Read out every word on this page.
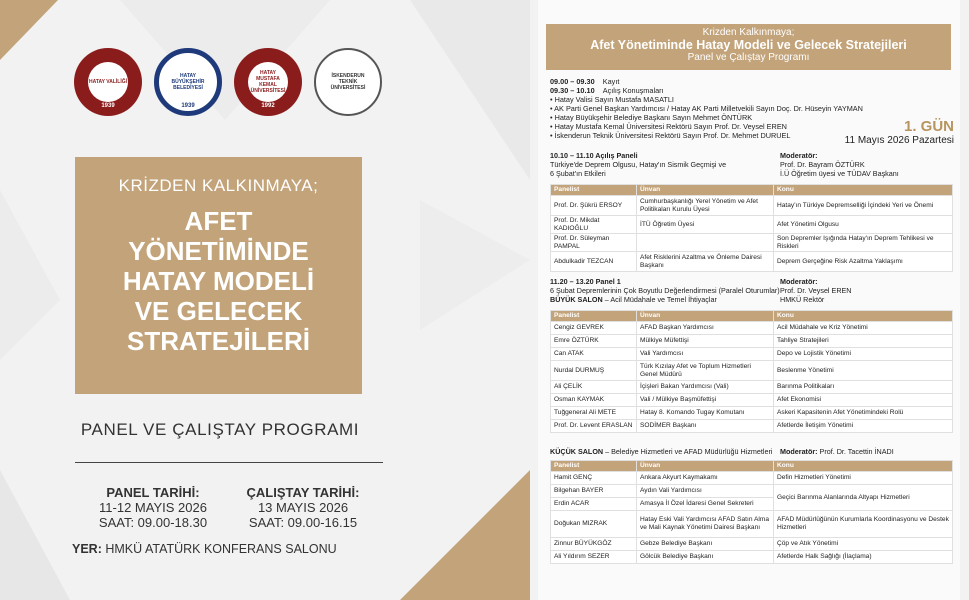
HATAY VALİLİĞİ
1939
HATAY BÜYÜKŞEHİR BELEDİYESİ
1939
HATAY MUSTAFA KEMAL ÜNİVERSİTESİ
1992
İSKENDERUN TEKNİK ÜNİVERSİTESİ
KRİZDEN KALKINMAYA;
AFET
YÖNETİMİNDE
HATAY MODELİ
VE GELECEK
STRATEJİLERİ
PANEL VE ÇALIŞTAY PROGRAMI
PANEL TARİHİ:
11-12 MAYIS 2026
SAAT: 09.00-18.30
ÇALIŞTAY TARİHİ:
13 MAYIS 2026
SAAT: 09.00-16.15
YER: HMKÜ ATATÜRK KONFERANS SALONU
Krizden Kalkınmaya;
Afet Yönetiminde Hatay Modeli ve Gelecek Stratejileri
Panel ve Çalıştay Programı
09.00 – 09.30 Kayıt
09.30 – 10.10 Açılış Konuşmaları
• Hatay Valisi Sayın Mustafa MASATLI
• AK Parti Genel Başkan Yardımcısı / Hatay AK Parti Milletvekili Sayın Doç. Dr. Hüseyin YAYMAN
• Hatay Büyükşehir Belediye Başkanı Sayın Mehmet ÖNTÜRK
• Hatay Mustafa Kemal Üniversitesi Rektörü Sayın Prof. Dr. Veysel EREN
• İskenderun Teknik Üniversitesi Rektörü Sayın Prof. Dr. Mehmet DURUEL
1. GÜN
11 Mayıs 2026 Pazartesi
10.10 – 11.10 Açılış Paneli
Türkiye'de Deprem Olgusu, Hatay'ın Sismik Geçmişi ve
6 Şubat'ın Etkileri
Moderatör:
Prof. Dr. Bayram ÖZTÜRK
İ.Ü Öğretim üyesi ve TÜDAV Başkanı
Panelist	Ünvan	Konu
Prof. Dr. Şükrü ERSOY	Cumhurbaşkanlığı Yerel Yönetim ve Afet Politikaları Kurulu Üyesi	Hatay'ın Türkiye Depremselliği İçindeki Yeri ve Önemi
Prof. Dr. Mikdat KADIOĞLU	İTÜ Öğretim Üyesi	Afet Yönetimi Olgusu
Prof. Dr. Süleyman PAMPAL		Son Depremler Işığında Hatay'ın Deprem Tehlikesi ve Riskleri
Abdulkadir TEZCAN	Afet Risklerini Azaltma ve Önleme Dairesi Başkanı	Deprem Gerçeğine Risk Azaltma Yaklaşımı
11.20 – 13.20 Panel 1
6 Şubat Depremlerinin Çok Boyutlu Değerlendirmesi (Paralel Oturumlar)
BÜYÜK SALON – Acil Müdahale ve Temel İhtiyaçlar
Moderatör:
Prof. Dr. Veysel EREN
HMKÜ Rektör
Panelist	Ünvan	Konu
Cengiz GEVREK	AFAD Başkan Yardımcısı	Acil Müdahale ve Kriz Yönetimi
Emre ÖZTÜRK	Mülkiye Müfettişi	Tahliye Stratejileri
Can ATAK	Vali Yardımcısı	Depo ve Lojistik Yönetimi
Nurdal DURMUŞ	Türk Kızılay Afet ve Toplum Hizmetleri Genel Müdürü	Beslenme Yönetimi
Ali ÇELİK	İçişleri Bakan Yardımcısı (Vali)	Barınma Politikaları
Osman KAYMAK	Vali / Mülkiye Başmüfettişi	Afet Ekonomisi
Tuğgeneral Ali METE	Hatay 8. Komando Tugay Komutanı	Askeri Kapasitenin Afet Yönetimindeki Rolü
Prof. Dr. Levent ERASLAN	SODİMER Başkanı	Afetlerde İletişim Yönetimi
KÜÇÜK SALON – Belediye Hizmetleri ve AFAD Müdürlüğü Hizmetleri	Moderatör: Prof. Dr. Tacettin İNADI
Panelist	Ünvan	Konu
Hamit GENÇ	Ankara Akyurt Kaymakamı	Defin Hizmetleri Yönetimi
Bilgehan BAYER	Aydın Vali Yardımcısı	Geçici Barınma Alanlarında Altyapı Hizmetleri
Erdin ACAR	Amasya İl Özel İdaresi Genel Sekreteri	
Doğukan MIZRAK	Hatay Eski Vali Yardımcısı AFAD Satın Alma ve Mali Kaynak Yönetimi Dairesi Başkanı	AFAD Müdürlüğünün Kurumlarla Koordinasyonu ve Destek Hizmetleri
Zinnur BÜYÜKGÖZ	Gebze Belediye Başkanı	Çöp ve Atık Yönetimi
Ali Yıldırım SEZER	Gölcük Belediye Başkanı	Afetlerde Halk Sağlığı (İlaçlama)
